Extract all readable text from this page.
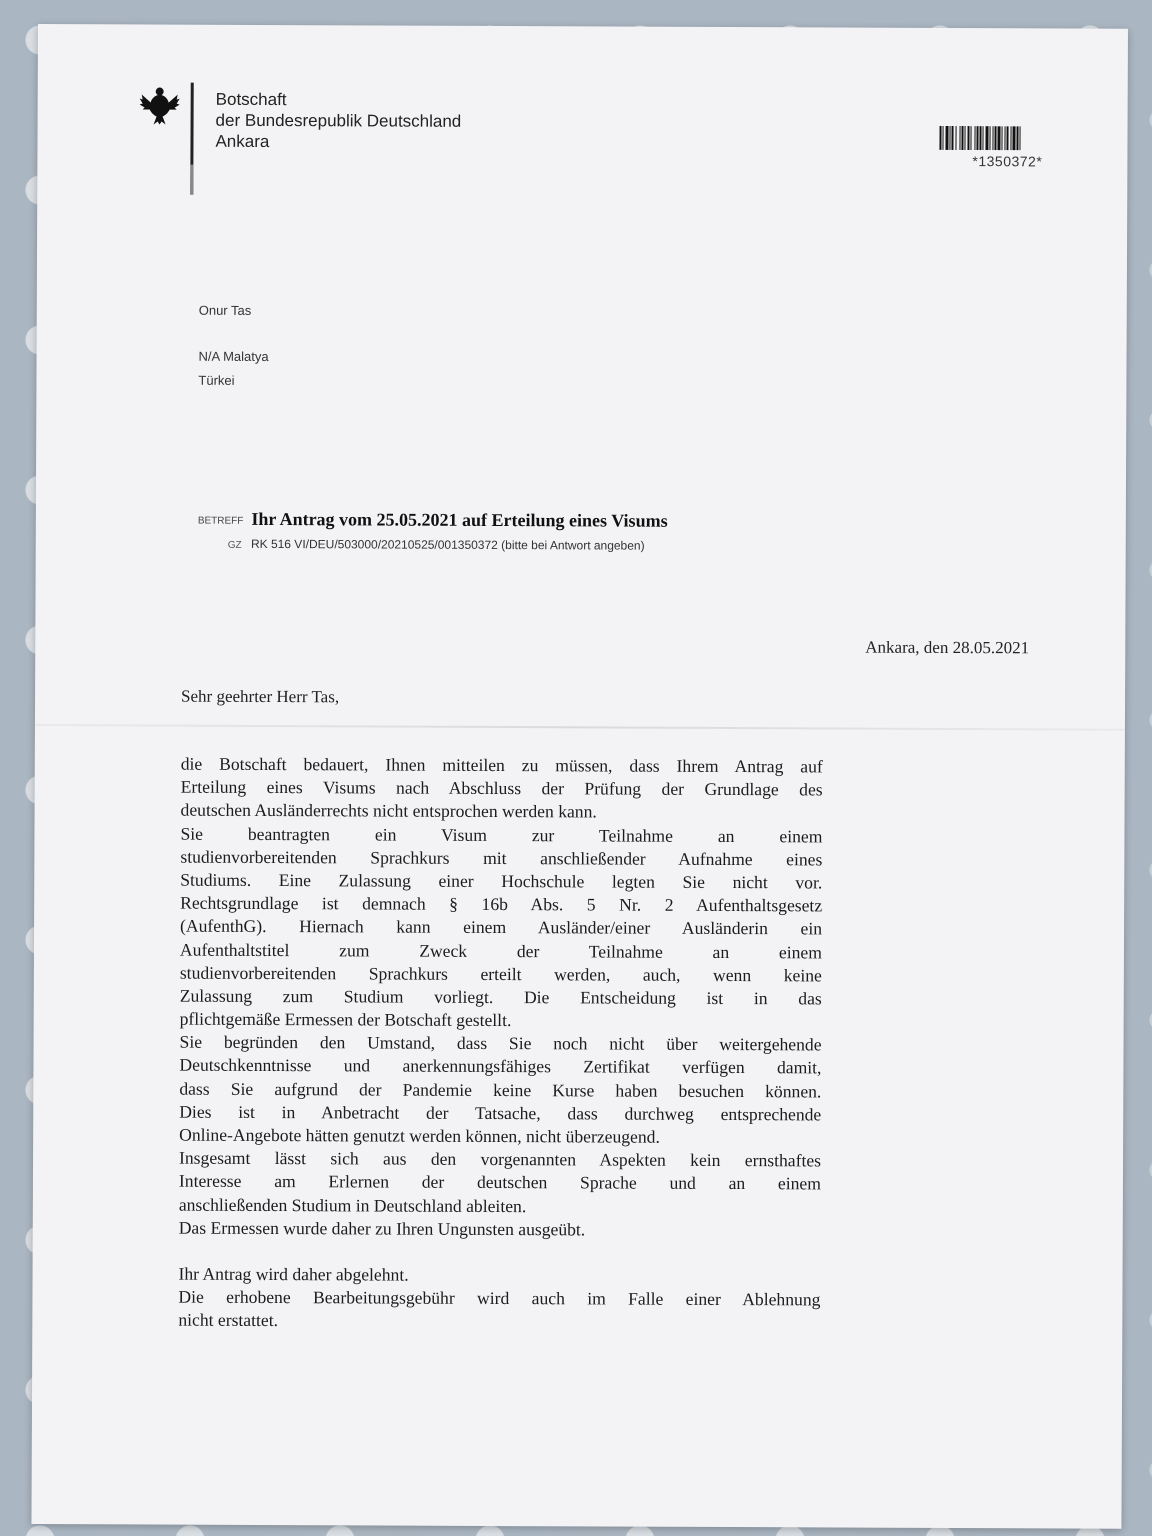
Botschaft
der Bundesrepublik Deutschland
Ankara
*1350372*
Onur Tas
N/A Malatya
Türkei
BETREFF Ihr Antrag vom 25.05.2021 auf Erteilung eines Visums
GZ RK 516 VI/DEU/503000/20210525/001350372 (bitte bei Antwort angeben)
Ankara, den 28.05.2021
Sehr geehrter Herr Tas,
die Botschaft bedauert, Ihnen mitteilen zu müssen, dass Ihrem Antrag auf
Erteilung eines Visums nach Abschluss der Prüfung der Grundlage des
deutschen Ausländerrechts nicht entsprochen werden kann.
Sie beantragten ein Visum zur Teilnahme an einem
studienvorbereitenden Sprachkurs mit anschließender Aufnahme eines
Studiums. Eine Zulassung einer Hochschule legten Sie nicht vor.
Rechtsgrundlage ist demnach § 16b Abs. 5 Nr. 2 Aufenthaltsgesetz
(AufenthG). Hiernach kann einem Ausländer/einer Ausländerin ein
Aufenthaltstitel zum Zweck der Teilnahme an einem
studienvorbereitenden Sprachkurs erteilt werden, auch, wenn keine
Zulassung zum Studium vorliegt. Die Entscheidung ist in das
pflichtgemäße Ermessen der Botschaft gestellt.
Sie begründen den Umstand, dass Sie noch nicht über weitergehende
Deutschkenntnisse und anerkennungsfähiges Zertifikat verfügen damit,
dass Sie aufgrund der Pandemie keine Kurse haben besuchen können.
Dies ist in Anbetracht der Tatsache, dass durchweg entsprechende
Online-Angebote hätten genutzt werden können, nicht überzeugend.
Insgesamt lässt sich aus den vorgenannten Aspekten kein ernsthaftes
Interesse am Erlernen der deutschen Sprache und an einem
anschließenden Studium in Deutschland ableiten.
Das Ermessen wurde daher zu Ihren Ungunsten ausgeübt.
Ihr Antrag wird daher abgelehnt.
Die erhobene Bearbeitungsgebühr wird auch im Falle einer Ablehnung
nicht erstattet.
